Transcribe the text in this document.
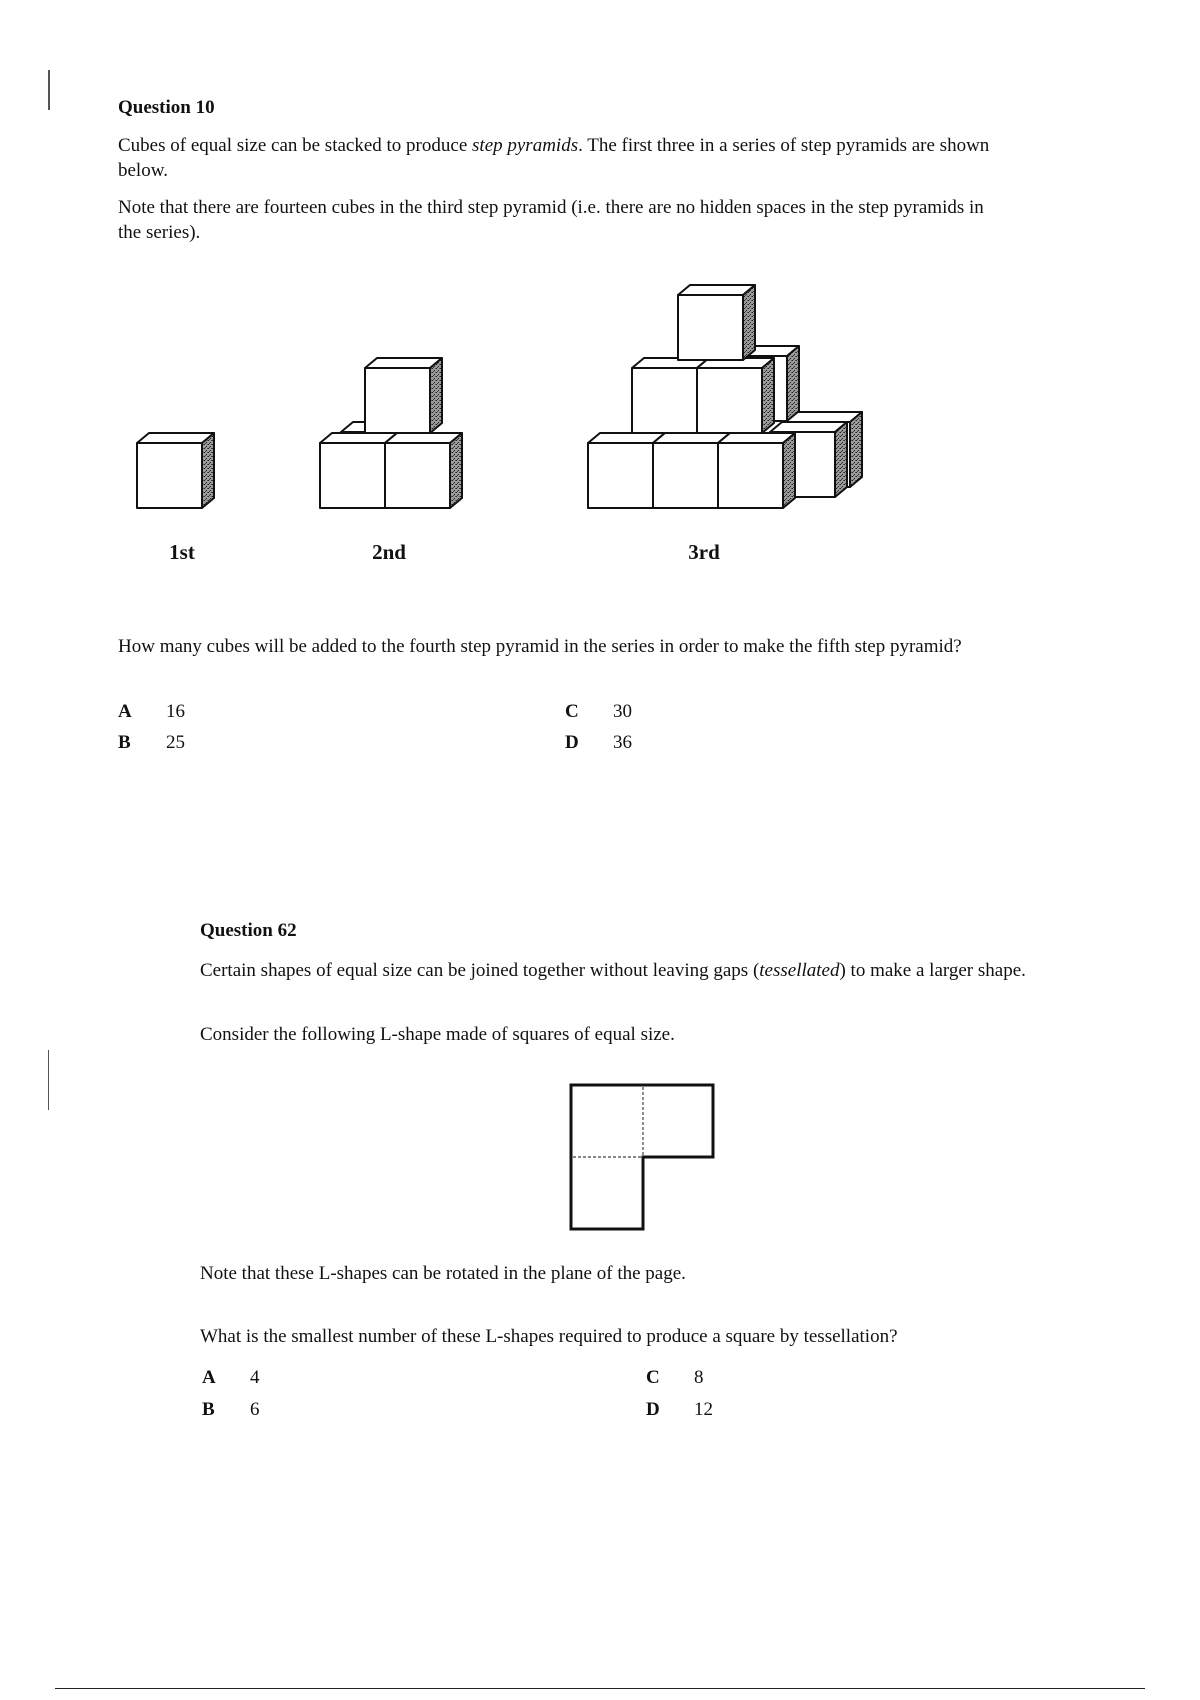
Question 10
Cubes of equal size can be stacked to produce step pyramids. The first three in a series of step pyramids are shown below.
Note that there are fourteen cubes in the third step pyramid (i.e. there are no hidden spaces in the step pyramids in the series).
1st	2nd	3rd
How many cubes will be added to the fourth step pyramid in the series in order to make the fifth step pyramid?
A 16
B 25
C 30
D 36
Question 62
Certain shapes of equal size can be joined together without leaving gaps (tessellated) to make a larger shape.
Consider the following L-shape made of squares of equal size.
Note that these L-shapes can be rotated in the plane of the page.
What is the smallest number of these L-shapes required to produce a square by tessellation?
A 4
B 6
C 8
D 12
